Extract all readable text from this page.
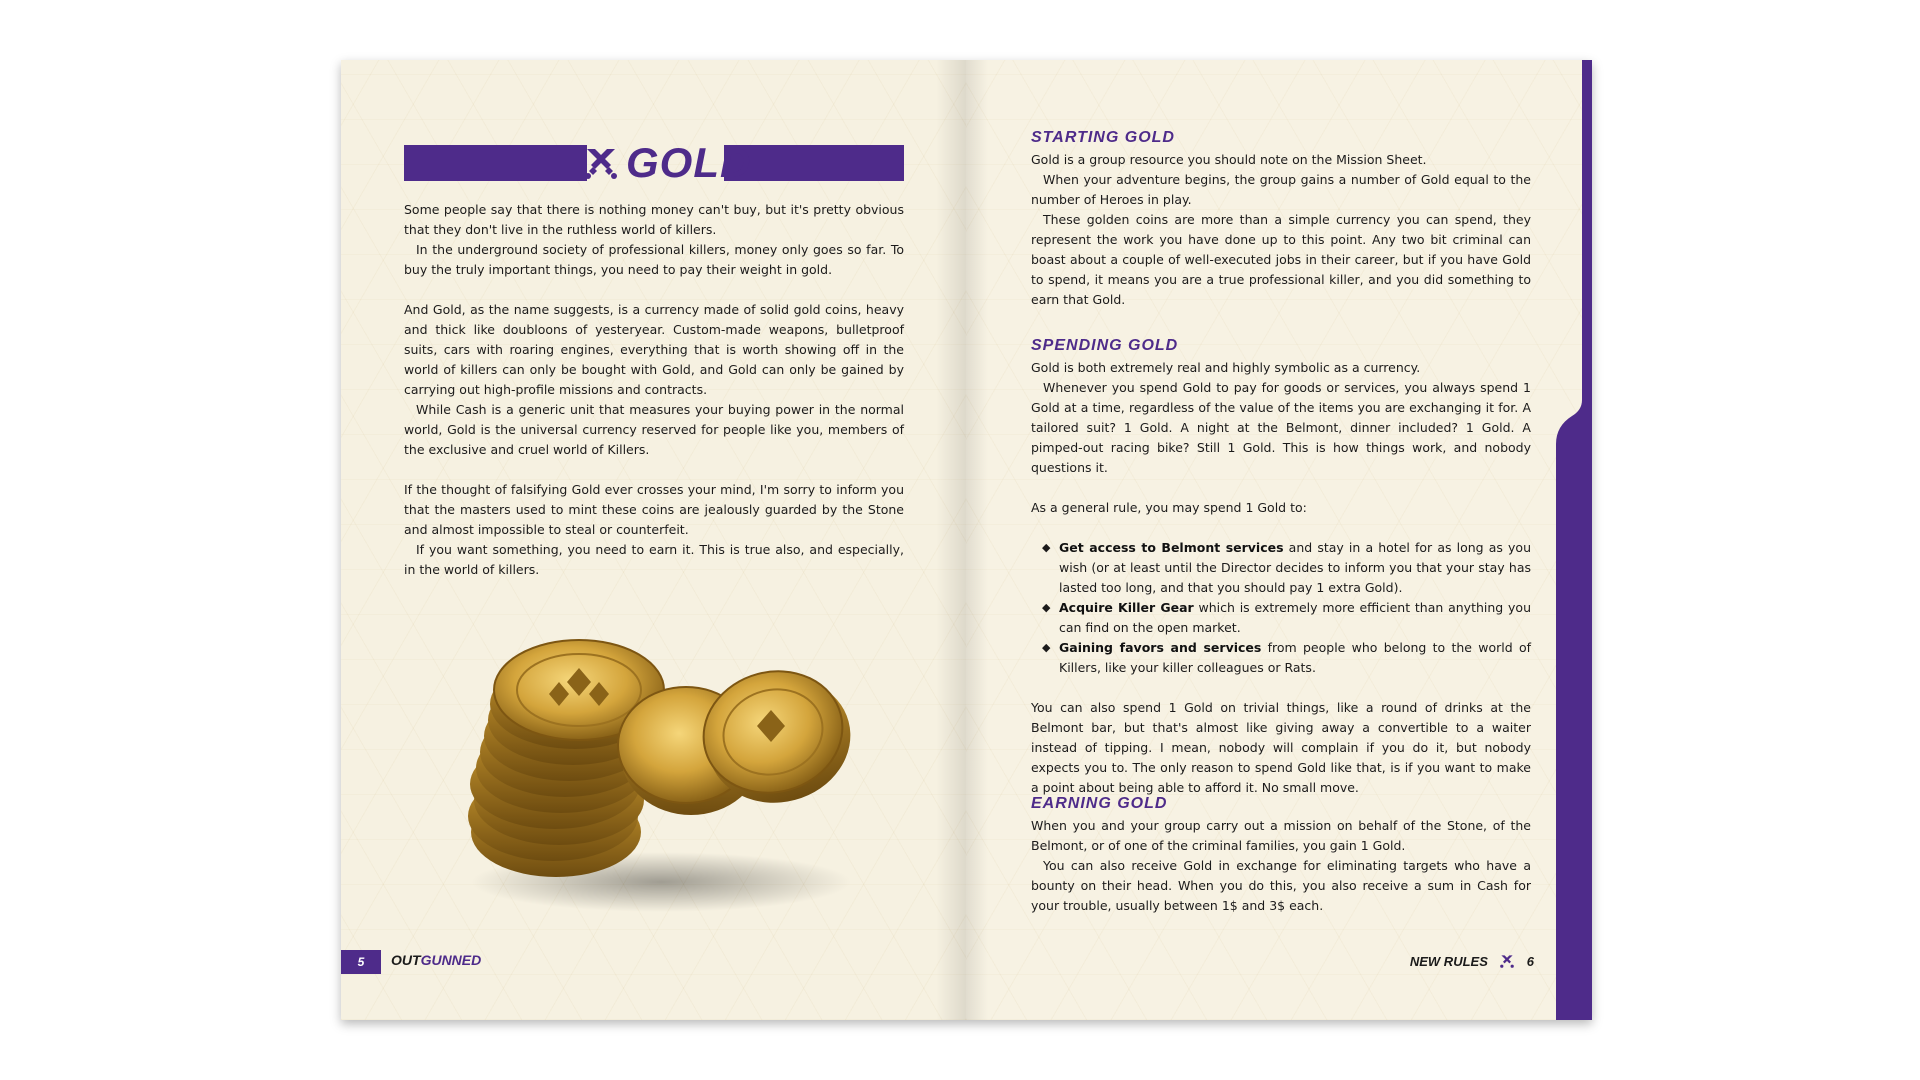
GOLD

Some people say that there is nothing money can't buy, but it's pretty obvious that they don't live in the ruthless world of killers.

In the underground society of professional killers, money only goes so far. To buy the truly important things, you need to pay their weight in gold.

And Gold, as the name suggests, is a currency made of solid gold coins, heavy and thick like doubloons of yesteryear. Custom-made weapons, bulletproof suits, cars with roaring engines, everything that is worth showing off in the world of killers can only be bought with Gold, and Gold can only be gained by carrying out high-profile missions and contracts.

While Cash is a generic unit that measures your buying power in the normal world, Gold is the universal currency reserved for people like you, members of the exclusive and cruel world of Killers.

If the thought of falsifying Gold ever crosses your mind, I'm sorry to inform you that the masters used to mint these coins are jealously guarded by the Stone and almost impossible to steal or counterfeit.

If you want something, you need to earn it. This is true also, and especially, in the world of killers.

5	OUTGUNNED
STARTING GOLD

Gold is a group resource you should note on the Mission Sheet.

When your adventure begins, the group gains a number of Gold equal to the number of Heroes in play.

These golden coins are more than a simple currency you can spend, they represent the work you have done up to this point. Any two bit criminal can boast about a couple of well-executed jobs in their career, but if you have Gold to spend, it means you are a true professional killer, and you did something to earn that Gold.

SPENDING GOLD

Gold is both extremely real and highly symbolic as a currency.

Whenever you spend Gold to pay for goods or services, you always spend 1 Gold at a time, regardless of the value of the items you are exchanging it for. A tailored suit? 1 Gold. A night at the Belmont, dinner included? 1 Gold. A pimped-out racing bike? Still 1 Gold. This is how things work, and nobody questions it.

As a general rule, you may spend 1 Gold to:

◆ Get access to Belmont services and stay in a hotel for as long as you wish (or at least until the Director decides to inform you that your stay has lasted too long, and that you should pay 1 extra Gold).
◆ Acquire Killer Gear which is extremely more efficient than anything you can find on the open market.
◆ Gaining favors and services from people who belong to the world of Killers, like your killer colleagues or Rats.

You can also spend 1 Gold on trivial things, like a round of drinks at the Belmont bar, but that's almost like giving away a convertible to a waiter instead of tipping. I mean, nobody will complain if you do it, but nobody expects you to. The only reason to spend Gold like that, is if you want to make a point about being able to afford it. No small move.

EARNING GOLD

When you and your group carry out a mission on behalf of the Stone, of the Belmont, or of one of the criminal families, you gain 1 Gold.

You can also receive Gold in exchange for eliminating targets who have a bounty on their head. When you do this, you also receive a sum in Cash for your trouble, usually between 1$ and 3$ each.

NEW RULES	6
